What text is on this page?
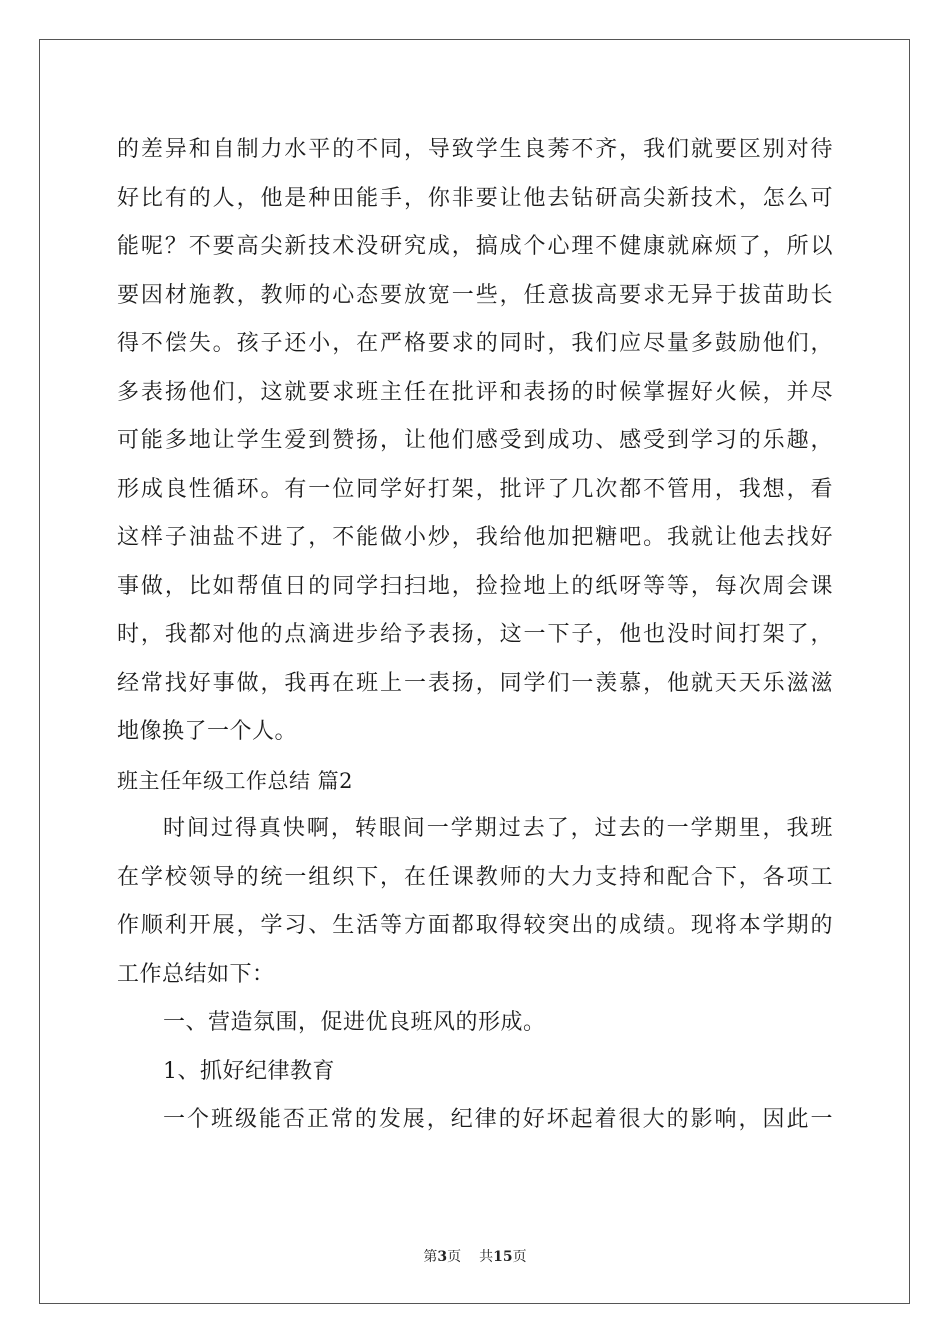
的差异和自制力水平的不同，导致学生良莠不齐，我们就要区别对待
好比有的人，他是种田能手，你非要让他去钻研高尖新技术，怎么可
能呢？不要高尖新技术没研究成，搞成个心理不健康就麻烦了，所以
要因材施教，教师的心态要放宽一些，任意拔高要求无异于拔苗助长
得不偿失。孩子还小，在严格要求的同时，我们应尽量多鼓励他们，
多表扬他们，这就要求班主任在批评和表扬的时候掌握好火候，并尽
可能多地让学生爱到赞扬，让他们感受到成功、感受到学习的乐趣，
形成良性循环。有一位同学好打架，批评了几次都不管用，我想，看
这样子油盐不进了，不能做小炒，我给他加把糖吧。我就让他去找好
事做，比如帮值日的同学扫扫地，捡捡地上的纸呀等等，每次周会课
时，我都对他的点滴进步给予表扬，这一下子，他也没时间打架了，
经常找好事做，我再在班上一表扬，同学们一羡慕，他就天天乐滋滋
地像换了一个人。
班主任年级工作总结 篇2
时间过得真快啊，转眼间一学期过去了，过去的一学期里，我班
在学校领导的统一组织下，在任课教师的大力支持和配合下，各项工
作顺利开展，学习、生活等方面都取得较突出的成绩。现将本学期的
工作总结如下：
一、营造氛围，促进优良班风的形成。
1、抓好纪律教育
一个班级能否正常的发展，纪律的好坏起着很大的影响，因此一
第3页 共15页
